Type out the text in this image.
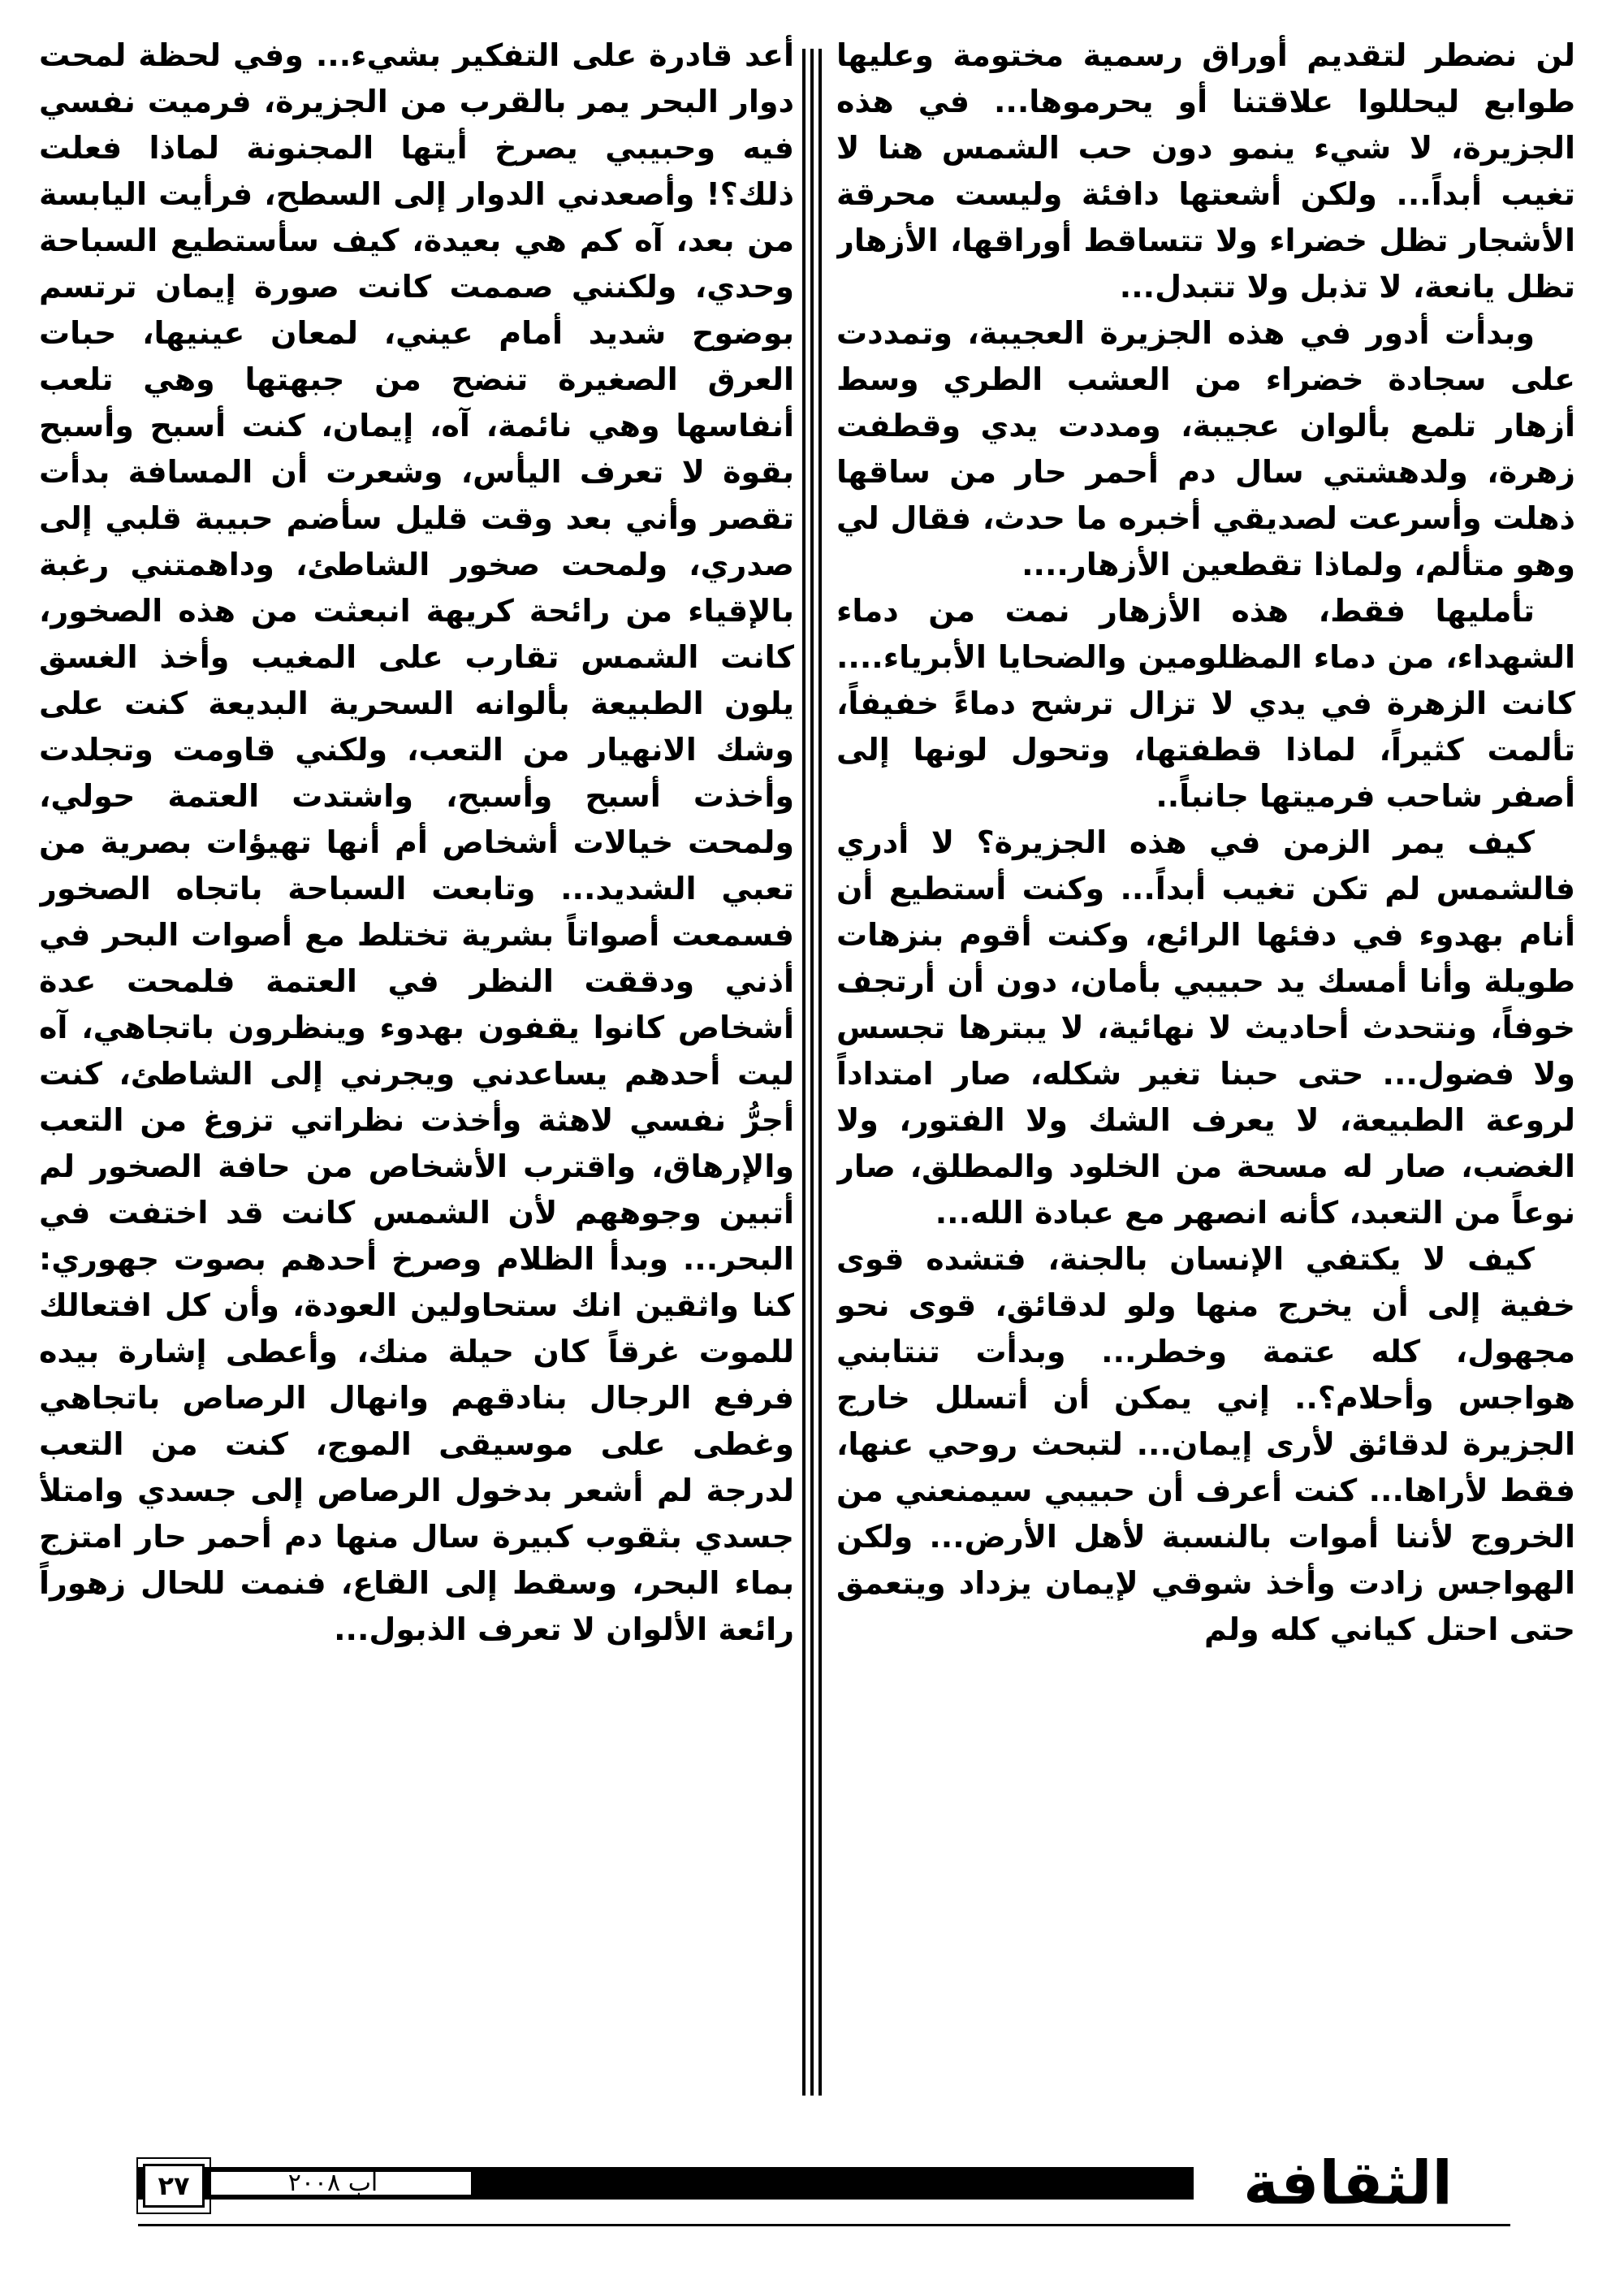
لن نضطر لتقديم أوراق رسمية مختومة وعليها طوابع ليحللوا علاقتنا أو يحرموها... في هذه الجزيرة، لا شيء ينمو دون حب الشمس هنا لا تغيب أبداً... ولكن أشعتها دافئة وليست محرقة الأشجار تظل خضراء ولا تتساقط أوراقها، الأزهار تظل يانعة، لا تذبل ولا تتبدل...

وبدأت أدور في هذه الجزيرة العجيبة، وتمددت على سجادة خضراء من العشب الطري وسط أزهار تلمع بألوان عجيبة، ومددت يدي وقطفت زهرة، ولدهشتي سال دم أحمر حار من ساقها ذهلت وأسرعت لصديقي أخبره ما حدث، فقال لي وهو متألم، ولماذا تقطعين الأزهار....

تأمليها فقط، هذه الأزهار نمت من دماء الشهداء، من دماء المظلومين والضحايا الأبرياء.... كانت الزهرة في يدي لا تزال ترشح دماءً خفيفاً، تألمت كثيراً، لماذا قطفتها، وتحول لونها إلى أصفر شاحب فرميتها جانباً..

كيف يمر الزمن في هذه الجزيرة؟ لا أدري فالشمس لم تكن تغيب أبداً... وكنت أستطيع أن أنام بهدوء في دفئها الرائع، وكنت أقوم بنزهات طويلة وأنا أمسك يد حبيبي بأمان، دون أن أرتجف خوفاً، ونتحدث أحاديث لا نهائية، لا يبترها تجسس ولا فضول... حتى حبنا تغير شكله، صار امتداداً لروعة الطبيعة، لا يعرف الشك ولا الفتور، ولا الغضب، صار له مسحة من الخلود والمطلق، صار نوعاً من التعبد، كأنه انصهر مع عبادة الله...

كيف لا يكتفي الإنسان بالجنة، فتشده قوى خفية إلى أن يخرج منها ولو لدقائق، قوى نحو مجهول، كله عتمة وخطر... وبدأت تنتابني هواجس وأحلام؟.. إني يمكن أن أتسلل خارج الجزيرة لدقائق لأرى إيمان... لتبحث روحي عنها، فقط لأراها... كنت أعرف أن حبيبي سيمنعني من الخروج لأننا أموات بالنسبة لأهل الأرض... ولكن الهواجس زادت وأخذ شوقي لإيمان يزداد ويتعمق حتى احتل كياني كله ولم

أعد قادرة على التفكير بشيء... وفي لحظة لمحت دوار البحر يمر بالقرب من الجزيرة، فرميت نفسي فيه وحبيبي يصرخ أيتها المجنونة لماذا فعلت ذلك؟! وأصعدني الدوار إلى السطح، فرأيت اليابسة من بعد، آه كم هي بعيدة، كيف سأستطيع السباحة وحدي، ولكنني صممت كانت صورة إيمان ترتسم بوضوح شديد أمام عيني، لمعان عينيها، حبات العرق الصغيرة تنضح من جبهتها وهي تلعب أنفاسها وهي نائمة، آه، إيمان، كنت أسبح وأسبح بقوة لا تعرف اليأس، وشعرت أن المسافة بدأت تقصر وأني بعد وقت قليل سأضم حبيبة قلبي إلى صدري، ولمحت صخور الشاطئ، وداهمتني رغبة بالإقياء من رائحة كريهة انبعثت من هذه الصخور، كانت الشمس تقارب على المغيب وأخذ الغسق يلون الطبيعة بألوانه السحرية البديعة كنت على وشك الانهيار من التعب، ولكني قاومت وتجلدت وأخذت أسبح وأسبح، واشتدت العتمة حولي، ولمحت خيالات أشخاص أم أنها تهيؤات بصرية من تعبي الشديد... وتابعت السباحة باتجاه الصخور فسمعت أصواتاً بشرية تختلط مع أصوات البحر في أذني ودققت النظر في العتمة فلمحت عدة أشخاص كانوا يقفون بهدوء وينظرون باتجاهي، آه ليت أحدهم يساعدني ويجرني إلى الشاطئ، كنت أجرُّ نفسي لاهثة وأخذت نظراتي تزوغ من التعب والإرهاق، واقترب الأشخاص من حافة الصخور لم أتبين وجوههم لأن الشمس كانت قد اختفت في البحر... وبدأ الظلام وصرخ أحدهم بصوت جهوري: كنا واثقين انك ستحاولين العودة، وأن كل افتعالك للموت غرقاً كان حيلة منك، وأعطى إشارة بيده فرفع الرجال بنادقهم وانهال الرصاص باتجاهي وغطى على موسيقى الموج، كنت من التعب لدرجة لم أشعر بدخول الرصاص إلى جسدي وامتلأ جسدي بثقوب كبيرة سال منها دم أحمر حار امتزج بماء البحر، وسقط إلى القاع، فنمت للحال زهوراً رائعة الألوان لا تعرف الذبول...

الثقافة
آب ٢٠٠٨
٢٧
